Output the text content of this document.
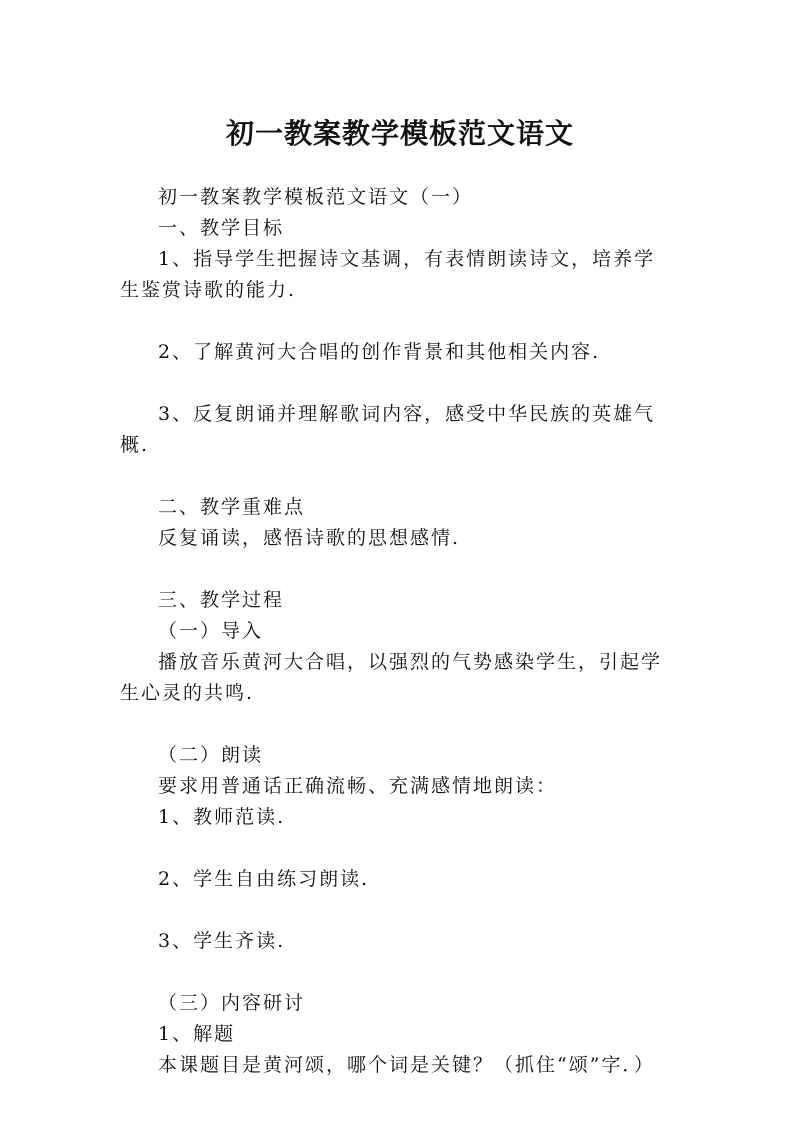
初一教案教学模板范文语文

初一教案教学模板范文语文（一）

一、教学目标

1、指导学生把握诗文基调，有表情朗读诗文，培养学生鉴赏诗歌的能力.

2、了解黄河大合唱的创作背景和其他相关内容.

3、反复朗诵并理解歌词内容，感受中华民族的英雄气概.

二、教学重难点

反复诵读，感悟诗歌的思想感情.

三、教学过程

（一）导入

播放音乐黄河大合唱，以强烈的气势感染学生，引起学生心灵的共鸣.

（二）朗读

要求用普通话正确流畅、充满感情地朗读：

1、教师范读.

2、学生自由练习朗读.

3、学生齐读.

（三）内容研讨

1、解题

本课题目是黄河颂，哪个词是关键？（抓住“颂”字．）
